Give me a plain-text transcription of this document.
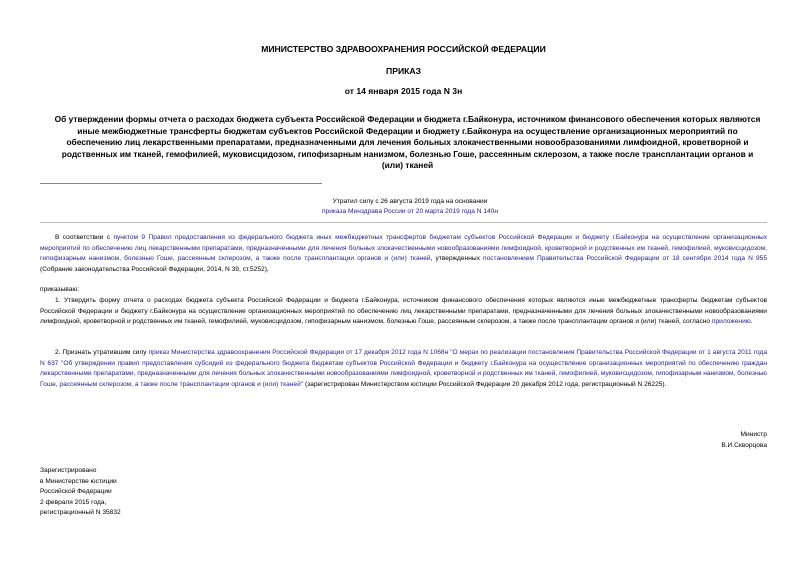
МИНИСТЕРСТВО ЗДРАВООХРАНЕНИЯ РОССИЙСКОЙ ФЕДЕРАЦИИ
ПРИКАЗ
от 14 января 2015 года N 3н
Об утверждении формы отчета о расходах бюджета субъекта Российской Федерации и бюджета г.Байконура, источником финансового обеспечения которых являются иные межбюджетные трансферты бюджетам субъектов Российской Федерации и бюджету г.Байконура на осуществление организационных мероприятий по обеспечению лиц лекарственными препаратами, предназначенными для лечения больных злокачественными новообразованиями лимфоидной, кроветворной и родственных им тканей, гемофилией, муковисцидозом, гипофизарным нанизмом, болезнью Гоше, рассеянным склерозом, а также после трансплантации органов и (или) тканей
Утратил силу с 26 августа 2019 года на основании
приказа Минздрава России от 20 марта 2019 года N 140н
В соответствии с пунктом 9 Правил предоставления из федерального бюджета иных межбюджетных трансфертов бюджетам субъектов Российской Федерации и бюджету г.Байконура на осуществление организационных мероприятий по обеспечению лиц лекарственными препаратами, предназначенными для лечения больных злокачественными новообразованиями лимфоидной, кроветворной и родственных им тканей, гемофилией, муковисцидозом, гипофизарным нанизмом, болезнью Гоше, рассеянным склерозом, а также после трансплантации органов и (или) тканей, утвержденных постановлением Правительства Российской Федерации от 18 сентября 2014 года N 955 (Собрание законодательства Российской Федерации, 2014, N 39, ст.5252),
приказываю:
1. Утвердить форму отчета о расходах бюджета субъекта Российской Федерации и бюджета г.Байконура, источником финансового обеспечения которых являются иные межбюджетные трансферты бюджетам субъектов Российской Федерации и бюджету г.Байконура на осуществление организационных мероприятий по обеспечению лиц лекарственными препаратами, предназначенными для лечения больных злокачественными новообразованиями лимфоидной, кроветворной и родственных им тканей, гемофилией, муковисцидозом, гипофизарным нанизмом, болезнью Гоше, рассеянным склерозом, а также после трансплантации органов и (или) тканей, согласно приложению.
2. Признать утратившим силу приказ Министерства здравоохранения Российской Федерации от 17 декабря 2012 года N 1068н "О мерах по реализации постановления Правительства Российской Федерации от 1 августа 2011 года N 637 "Об утверждении правил предоставления субсидий из федерального бюджета бюджетам субъектов Российской Федерации и бюджету г.Байконура на осуществление организационных мероприятий по обеспечению граждан лекарственными препаратами, предназначенными для лечения больных злокачественными новообразованиями лимфоидной, кроветворной и родственных им тканей, гемофилией, муковисцидозом, гипофизарным нанизмом, болезнью Гоше, рассеянным склерозом, а также после трансплантации органов и (или) тканей" (зарегистрирован Министерством юстиции Российской Федерации 20 декабря 2012 года, регистрационный N 26225).
Министр
В.И.Скворцова
Зарегистрировано
в Министерстве юстиции
Российской Федерации
2 февраля 2015 года,
регистрационный N 35832
